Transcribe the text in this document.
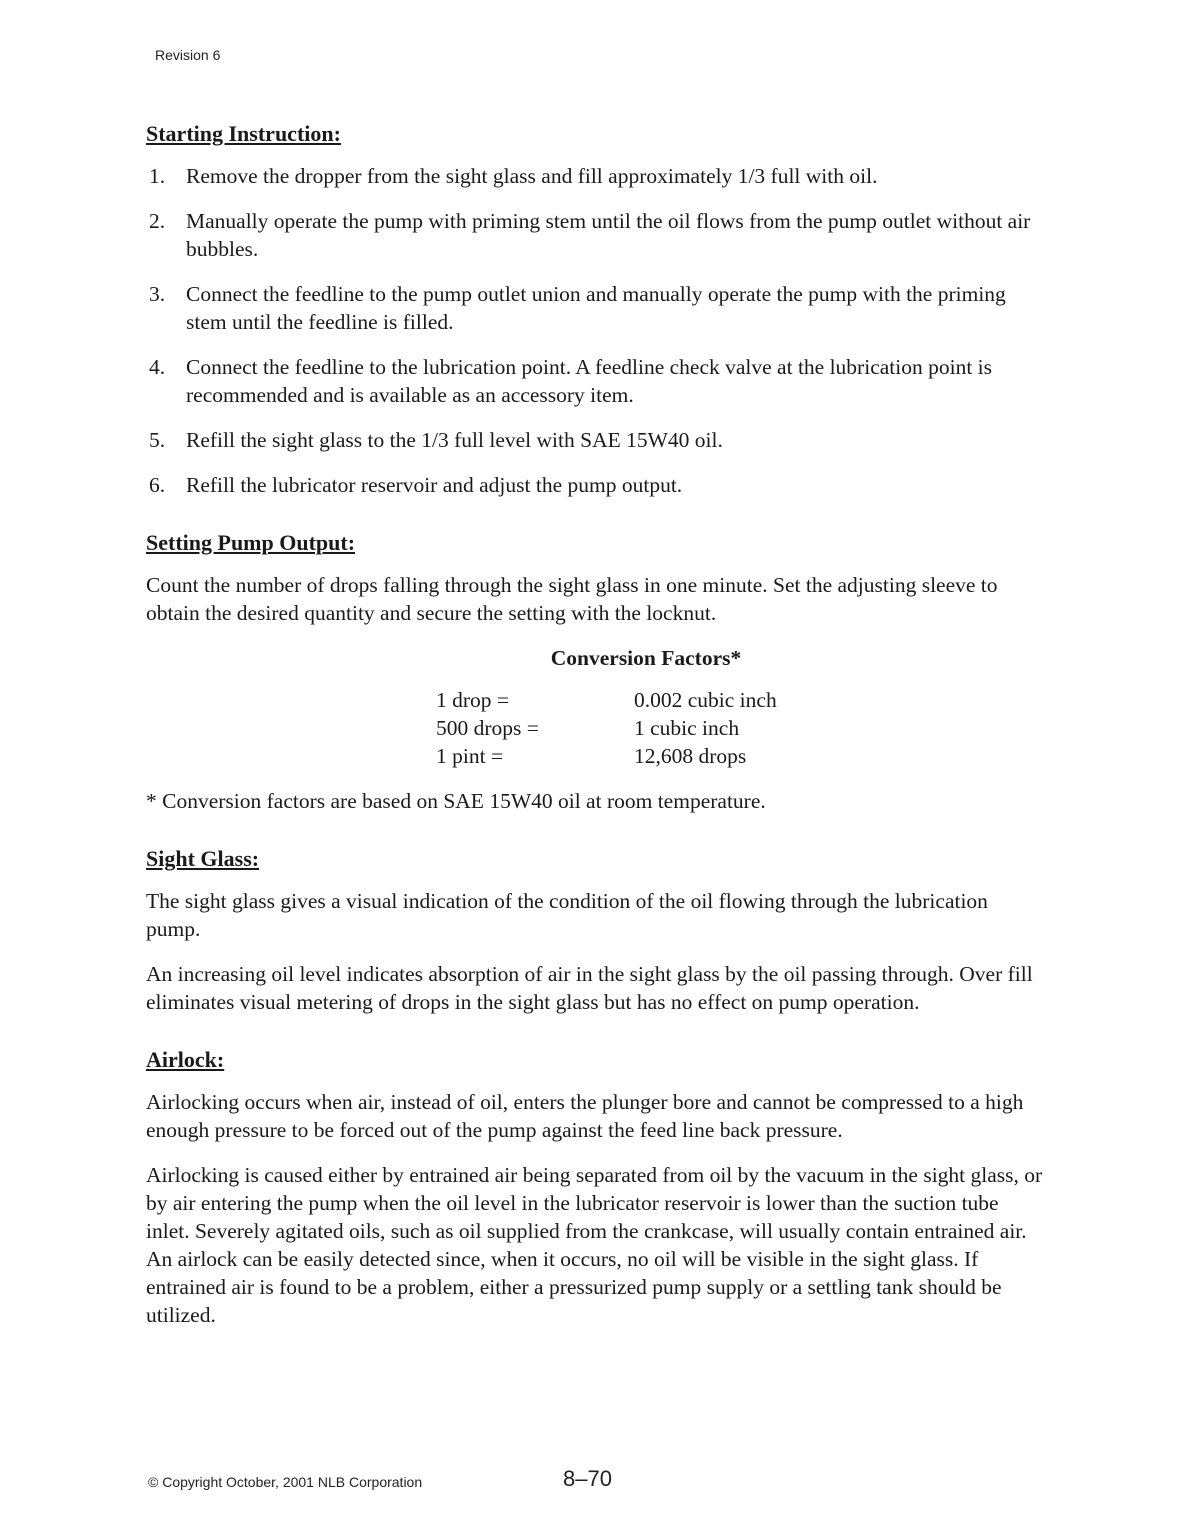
Revision 6
Starting Instruction:
1. Remove the dropper from the sight glass and fill approximately 1/3 full with oil.
2. Manually operate the pump with priming stem until the oil flows from the pump outlet without air bubbles.
3. Connect the feedline to the pump outlet union and manually operate the pump with the priming stem until the feedline is filled.
4. Connect the feedline to the lubrication point. A feedline check valve at the lubrication point is recommended and is available as an accessory item.
5. Refill the sight glass to the 1/3 full level with SAE 15W40 oil.
6. Refill the lubricator reservoir and adjust the pump output.
Setting Pump Output:

Count the number of drops falling through the sight glass in one minute. Set the adjusting sleeve to obtain the desired quantity and secure the setting with the locknut.

Conversion Factors*
1 drop =	0.002 cubic inch
500 drops =	1 cubic inch
1 pint =	12,608 drops

* Conversion factors are based on SAE 15W40 oil at room temperature.

Sight Glass:

The sight glass gives a visual indication of the condition of the oil flowing through the lubrication pump.

An increasing oil level indicates absorption of air in the sight glass by the oil passing through. Over fill eliminates visual metering of drops in the sight glass but has no effect on pump operation.

Airlock:

Airlocking occurs when air, instead of oil, enters the plunger bore and cannot be compressed to a high enough pressure to be forced out of the pump against the feed line back pressure.

Airlocking is caused either by entrained air being separated from oil by the vacuum in the sight glass, or by air entering the pump when the oil level in the lubricator reservoir is lower than the suction tube inlet. Severely agitated oils, such as oil supplied from the crankcase, will usually contain entrained air. An airlock can be easily detected since, when it occurs, no oil will be visible in the sight glass. If entrained air is found to be a problem, either a pressurized pump supply or a settling tank should be utilized.

© Copyright October, 2001 NLB Corporation	8–70
